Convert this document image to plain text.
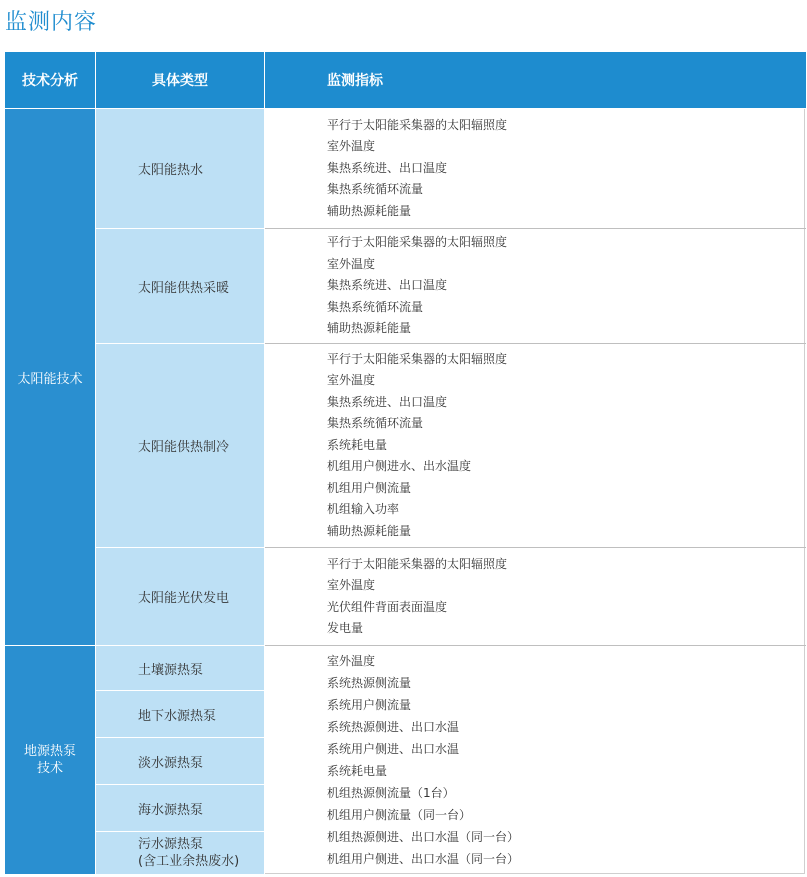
监测内容
技术分析	具体类型	监测指标
太阳能技术
太阳能热水
平行于太阳能采集器的太阳辐照度
室外温度
集热系统进、出口温度
集热系统循环流量
辅助热源耗能量
太阳能供热采暖
平行于太阳能采集器的太阳辐照度
室外温度
集热系统进、出口温度
集热系统循环流量
辅助热源耗能量
太阳能供热制冷
平行于太阳能采集器的太阳辐照度
室外温度
集热系统进、出口温度
集热系统循环流量
系统耗电量
机组用户侧进水、出水温度
机组用户侧流量
机组输入功率
辅助热源耗能量
太阳能光伏发电
平行于太阳能采集器的太阳辐照度
室外温度
光伏组件背面表面温度
发电量
地源热泵
技术
土壤源热泵
地下水源热泵
淡水源热泵
海水源热泵
污水源热泵
(含工业余热废水)
室外温度
系统热源侧流量
系统用户侧流量
系统热源侧进、出口水温
系统用户侧进、出口水温
系统耗电量
机组热源侧流量（1台）
机组用户侧流量（同一台）
机组热源侧进、出口水温（同一台）
机组用户侧进、出口水温（同一台）
